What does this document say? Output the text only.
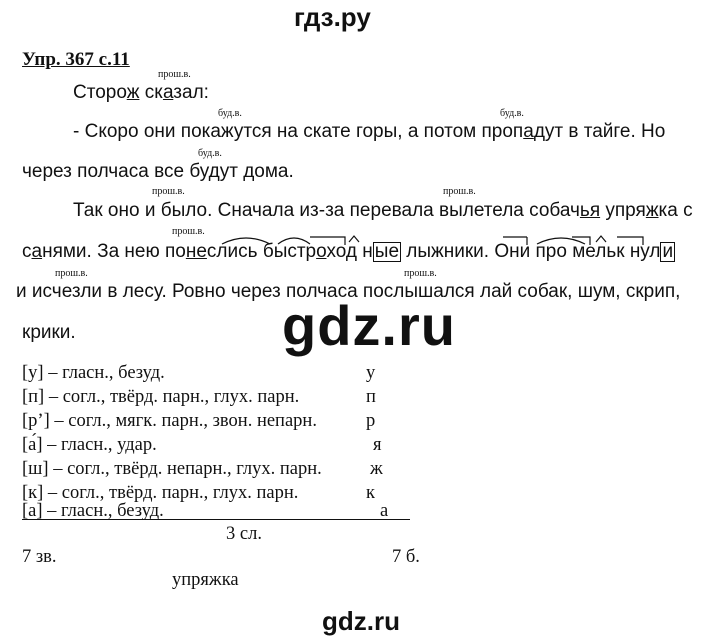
гдз.ру
gdz.ru
gdz.ru
Упр. 367 с.11
прош.в.
буд.в.	буд.в.
буд.в.
прош.в.	прош.в.
прош.в.
прош.в.	прош.в.
Сторож сказал:
- Скоро они покажутся на скате горы, а потом пропадут в тайге. Но
через полчаса все будут дома.
Так оно и было. Сначала из-за перевала вылетела собачья упряжка с
санями. За нею понеслись быстроход н ые лыжники. Они про мельк нул и
и исчезли в лесу. Ровно через полчаса послышался лай собак, шум, скрип,
крики.
[у] – гласн., безуд.	у
[п] – согл., твёрд. парн., глух. парн.	п
[р’] – согл., мягк. парн., звон. непарн.	р
[а́] – гласн., удар.	я
[ш] – согл., твёрд. непарн., глух. парн.	ж
[к] – согл., твёрд. парн., глух. парн.	к
[а] – гласн., безуд.	а
3 сл.
7 зв.	7 б.
упряжка
